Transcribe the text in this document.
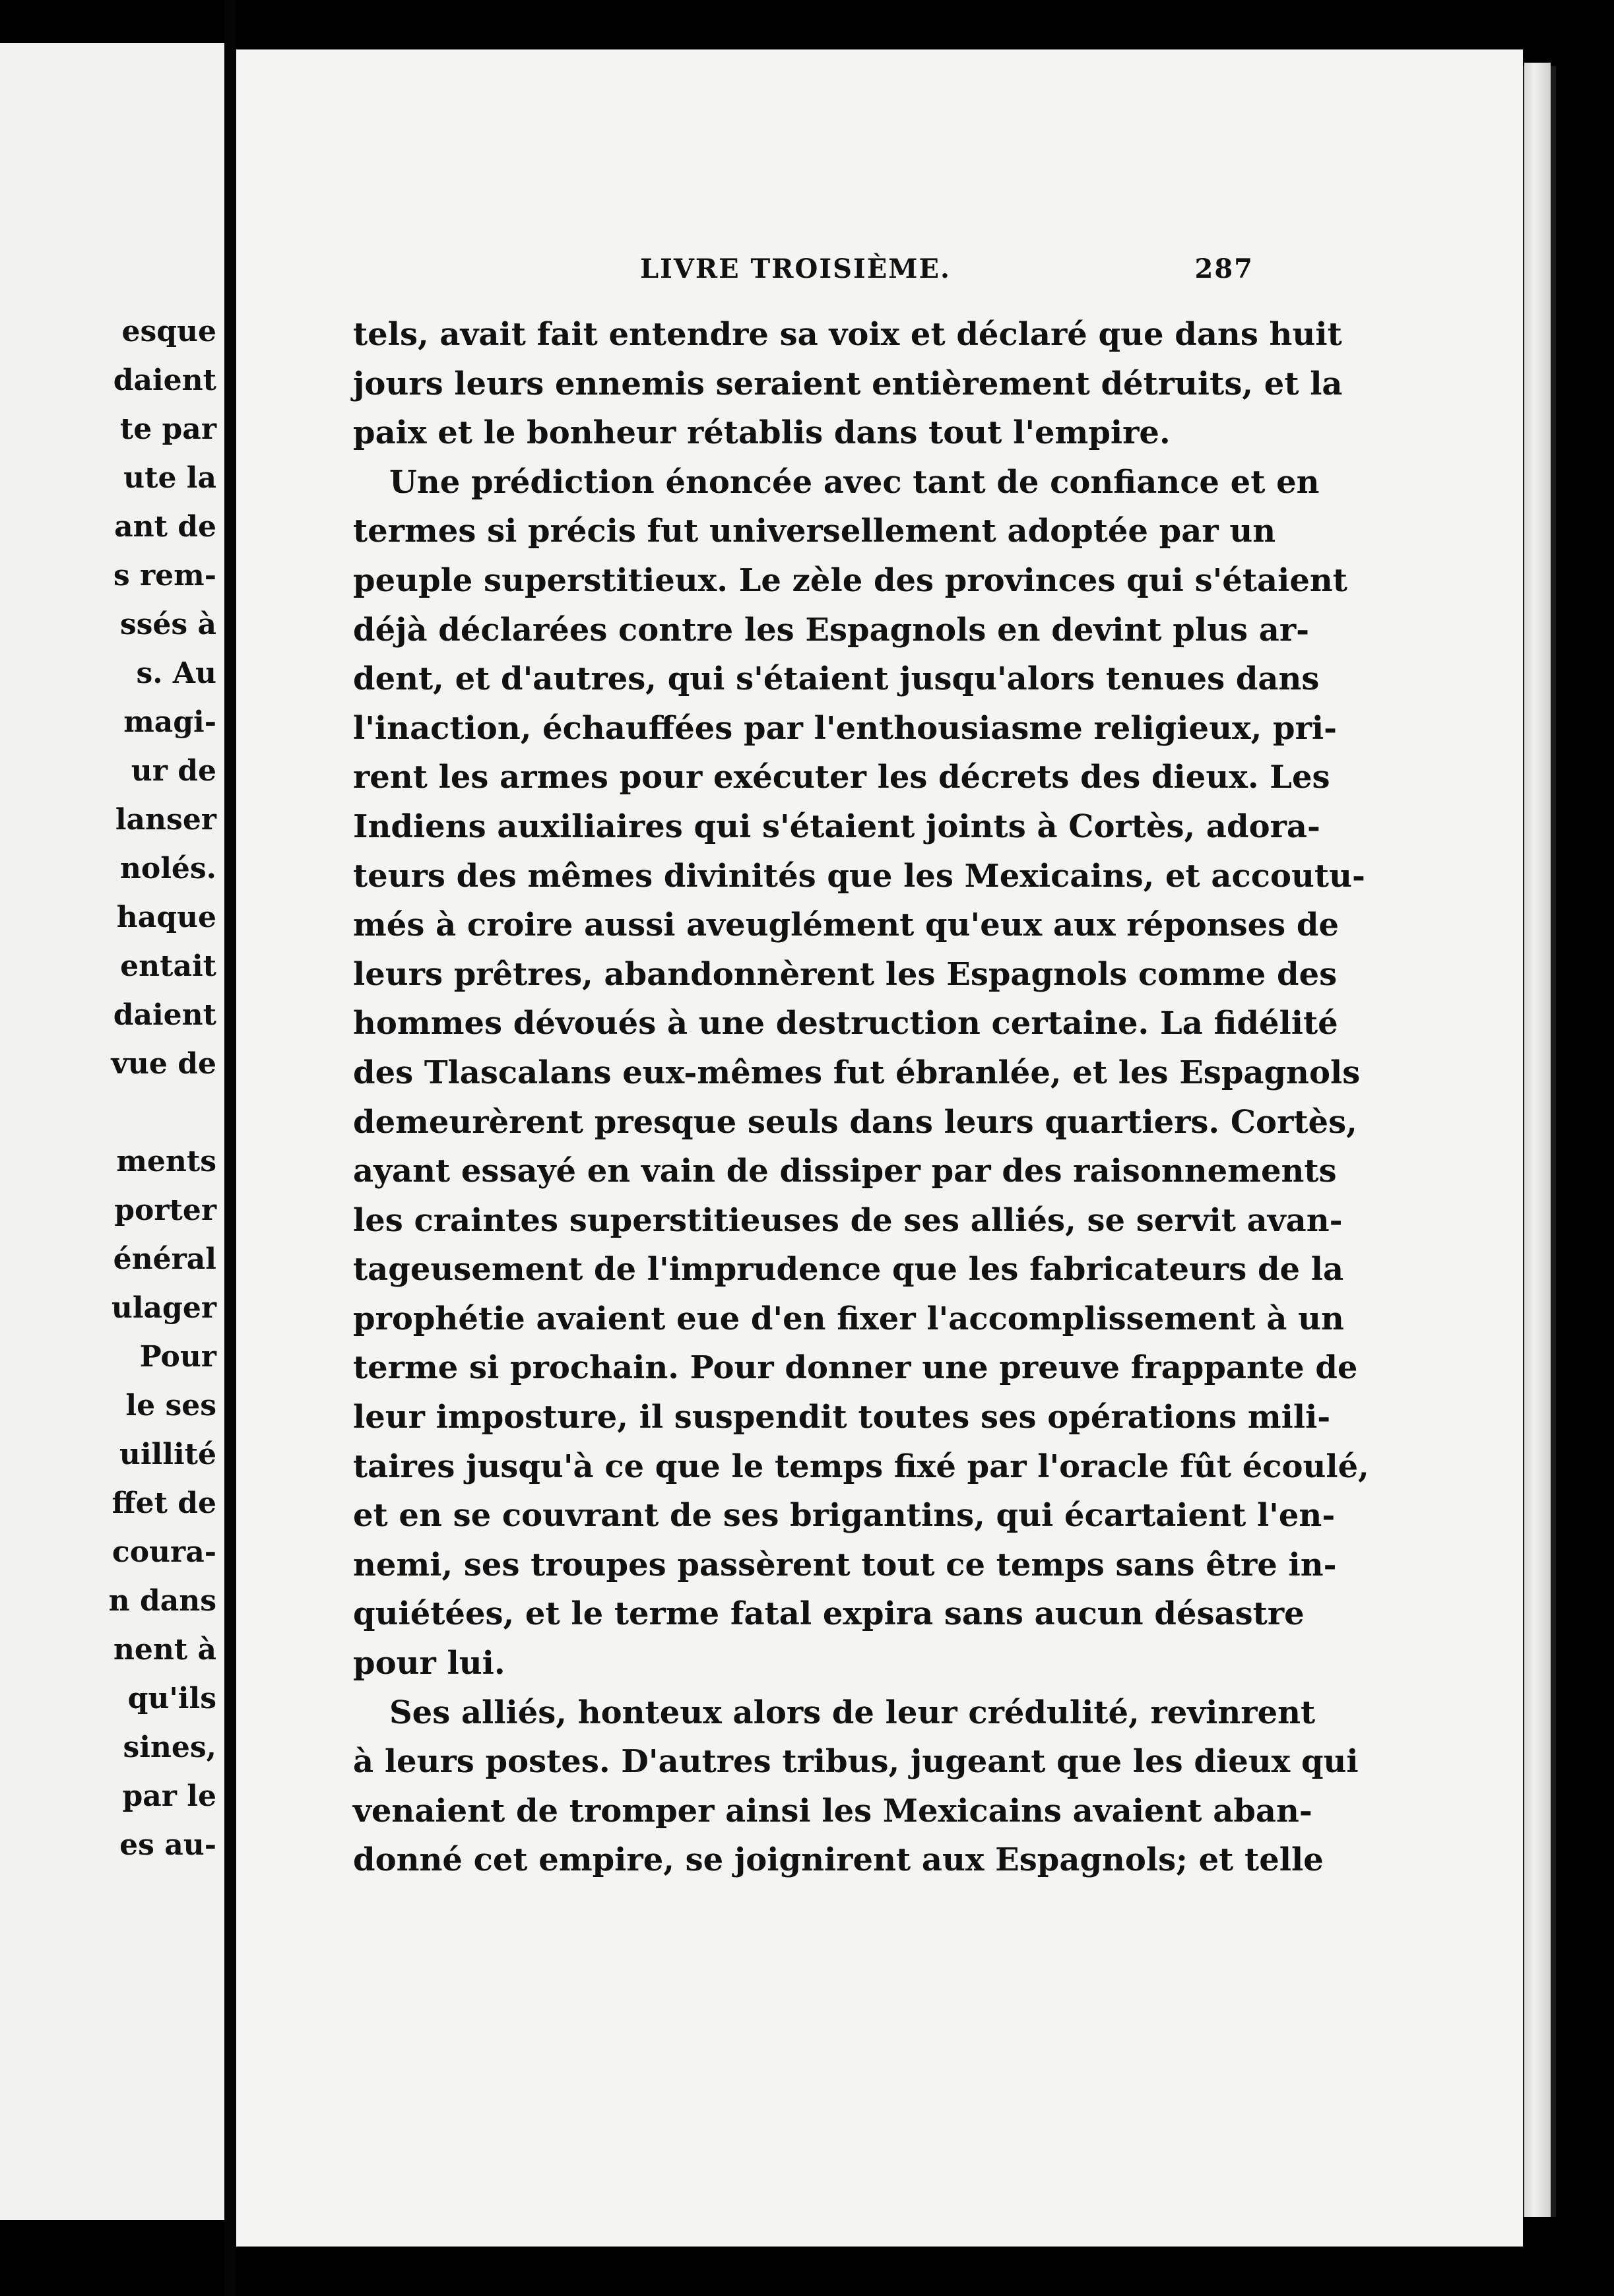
esque
daient
te par
ute la
ant de
s rem-
ssés à
s. Au
magi-
ur de
lanser
nolés.
haque
entait
daient
vue de
ments
porter
énéral
ulager
Pour
le ses
uillité
ffet de
coura-
n dans
nent à
qu'ils
sines,
par le
es au-
LIVRE TROISIÈME.	287
tels, avait fait entendre sa voix et déclaré que dans huit
jours leurs ennemis seraient entièrement détruits, et la
paix et le bonheur rétablis dans tout l'empire.
Une prédiction énoncée avec tant de confiance et en
termes si précis fut universellement adoptée par un
peuple superstitieux. Le zèle des provinces qui s'étaient
déjà déclarées contre les Espagnols en devint plus ar-
dent, et d'autres, qui s'étaient jusqu'alors tenues dans
l'inaction, échauffées par l'enthousiasme religieux, pri-
rent les armes pour exécuter les décrets des dieux. Les
Indiens auxiliaires qui s'étaient joints à Cortès, adora-
teurs des mêmes divinités que les Mexicains, et accoutu-
més à croire aussi aveuglément qu'eux aux réponses de
leurs prêtres, abandonnèrent les Espagnols comme des
hommes dévoués à une destruction certaine. La fidélité
des Tlascalans eux-mêmes fut ébranlée, et les Espagnols
demeurèrent presque seuls dans leurs quartiers. Cortès,
ayant essayé en vain de dissiper par des raisonnements
les craintes superstitieuses de ses alliés, se servit avan-
tageusement de l'imprudence que les fabricateurs de la
prophétie avaient eue d'en fixer l'accomplissement à un
terme si prochain. Pour donner une preuve frappante de
leur imposture, il suspendit toutes ses opérations mili-
taires jusqu'à ce que le temps fixé par l'oracle fût écoulé,
et en se couvrant de ses brigantins, qui écartaient l'en-
nemi, ses troupes passèrent tout ce temps sans être in-
quiétées, et le terme fatal expira sans aucun désastre
pour lui.
Ses alliés, honteux alors de leur crédulité, revinrent
à leurs postes. D'autres tribus, jugeant que les dieux qui
venaient de tromper ainsi les Mexicains avaient aban-
donné cet empire, se joignirent aux Espagnols; et telle
